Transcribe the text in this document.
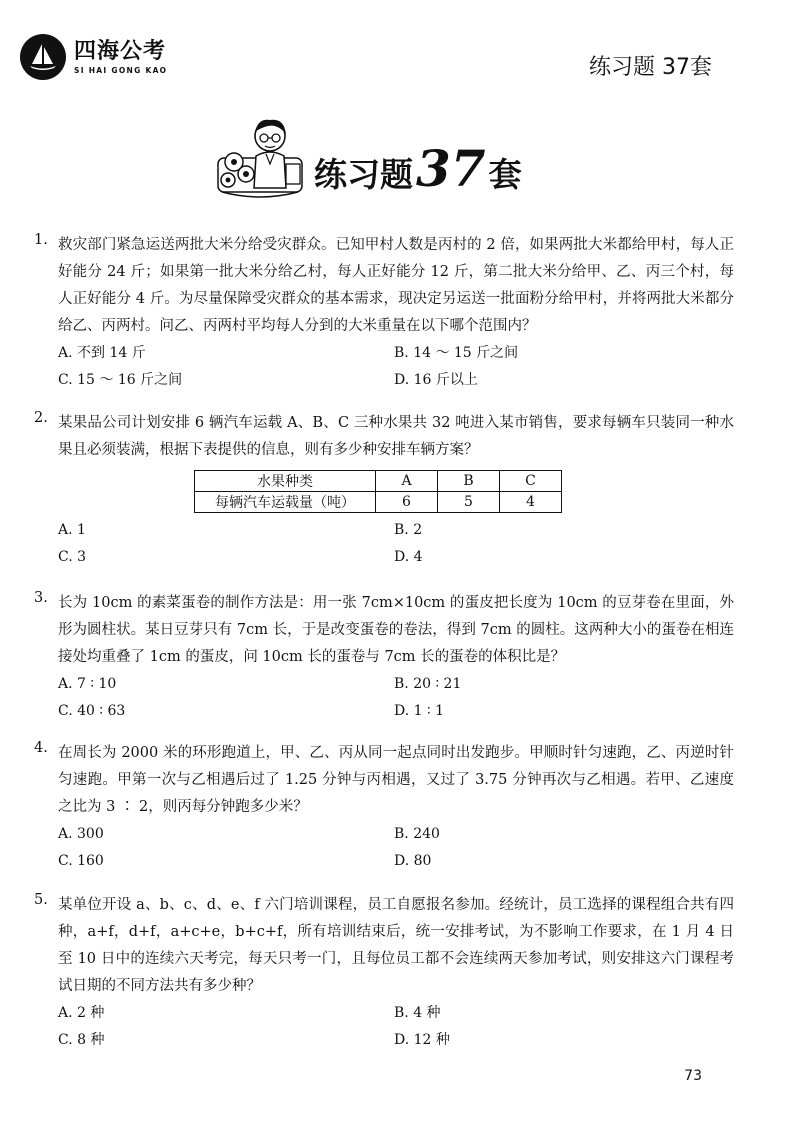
四海公考
SI HAI GONG KAO	练习题 37套
练习题 37 套
1. 救灾部门紧急运送两批大米分给受灾群众。已知甲村人数是丙村的 2 倍，如果两批大米都给甲村，每人正好能分 24 斤；如果第一批大米分给乙村，每人正好能分 12 斤，第二批大米分给甲、乙、丙三个村，每人正好能分 4 斤。为尽量保障受灾群众的基本需求，现决定另运送一批面粉分给甲村，并将两批大米都分给乙、丙两村。问乙、丙两村平均每人分到的大米重量在以下哪个范围内？
A. 不到 14 斤	B. 14 ～ 15 斤之间
C. 15 ～ 16 斤之间	D. 16 斤以上
2. 某果品公司计划安排 6 辆汽车运载 A、B、C 三种水果共 32 吨进入某市销售，要求每辆车只装同一种水果且必须装满，根据下表提供的信息，则有多少种安排车辆方案？
水果种类	A	B	C
每辆汽车运载量（吨）	6	5	4
A. 1	B. 2
C. 3	D. 4
3. 长为 10cm 的素菜蛋卷的制作方法是：用一张 7cm×10cm 的蛋皮把长度为 10cm 的豆芽卷在里面，外形为圆柱状。某日豆芽只有 7cm 长，于是改变蛋卷的卷法，得到 7cm 的圆柱。这两种大小的蛋卷在相连接处均重叠了 1cm 的蛋皮，问 10cm 长的蛋卷与 7cm 长的蛋卷的体积比是？
A. 7 ∶ 10	B. 20 ∶ 21
C. 40 ∶ 63	D. 1 ∶ 1
4. 在周长为 2000 米的环形跑道上，甲、乙、丙从同一起点同时出发跑步。甲顺时针匀速跑，乙、丙逆时针匀速跑。甲第一次与乙相遇后过了 1.25 分钟与丙相遇，又过了 3.75 分钟再次与乙相遇。若甲、乙速度之比为 3 ∶ 2，则丙每分钟跑多少米？
A. 300	B. 240
C. 160	D. 80
5. 某单位开设 a、b、c、d、e、f 六门培训课程，员工自愿报名参加。经统计，员工选择的课程组合共有四种，a+f，d+f，a+c+e，b+c+f，所有培训结束后，统一安排考试，为不影响工作要求，在 1 月 4 日至 10 日中的连续六天考完，每天只考一门，且每位员工都不会连续两天参加考试，则安排这六门课程考试日期的不同方法共有多少种？
A. 2 种	B. 4 种
C. 8 种	D. 12 种
73
